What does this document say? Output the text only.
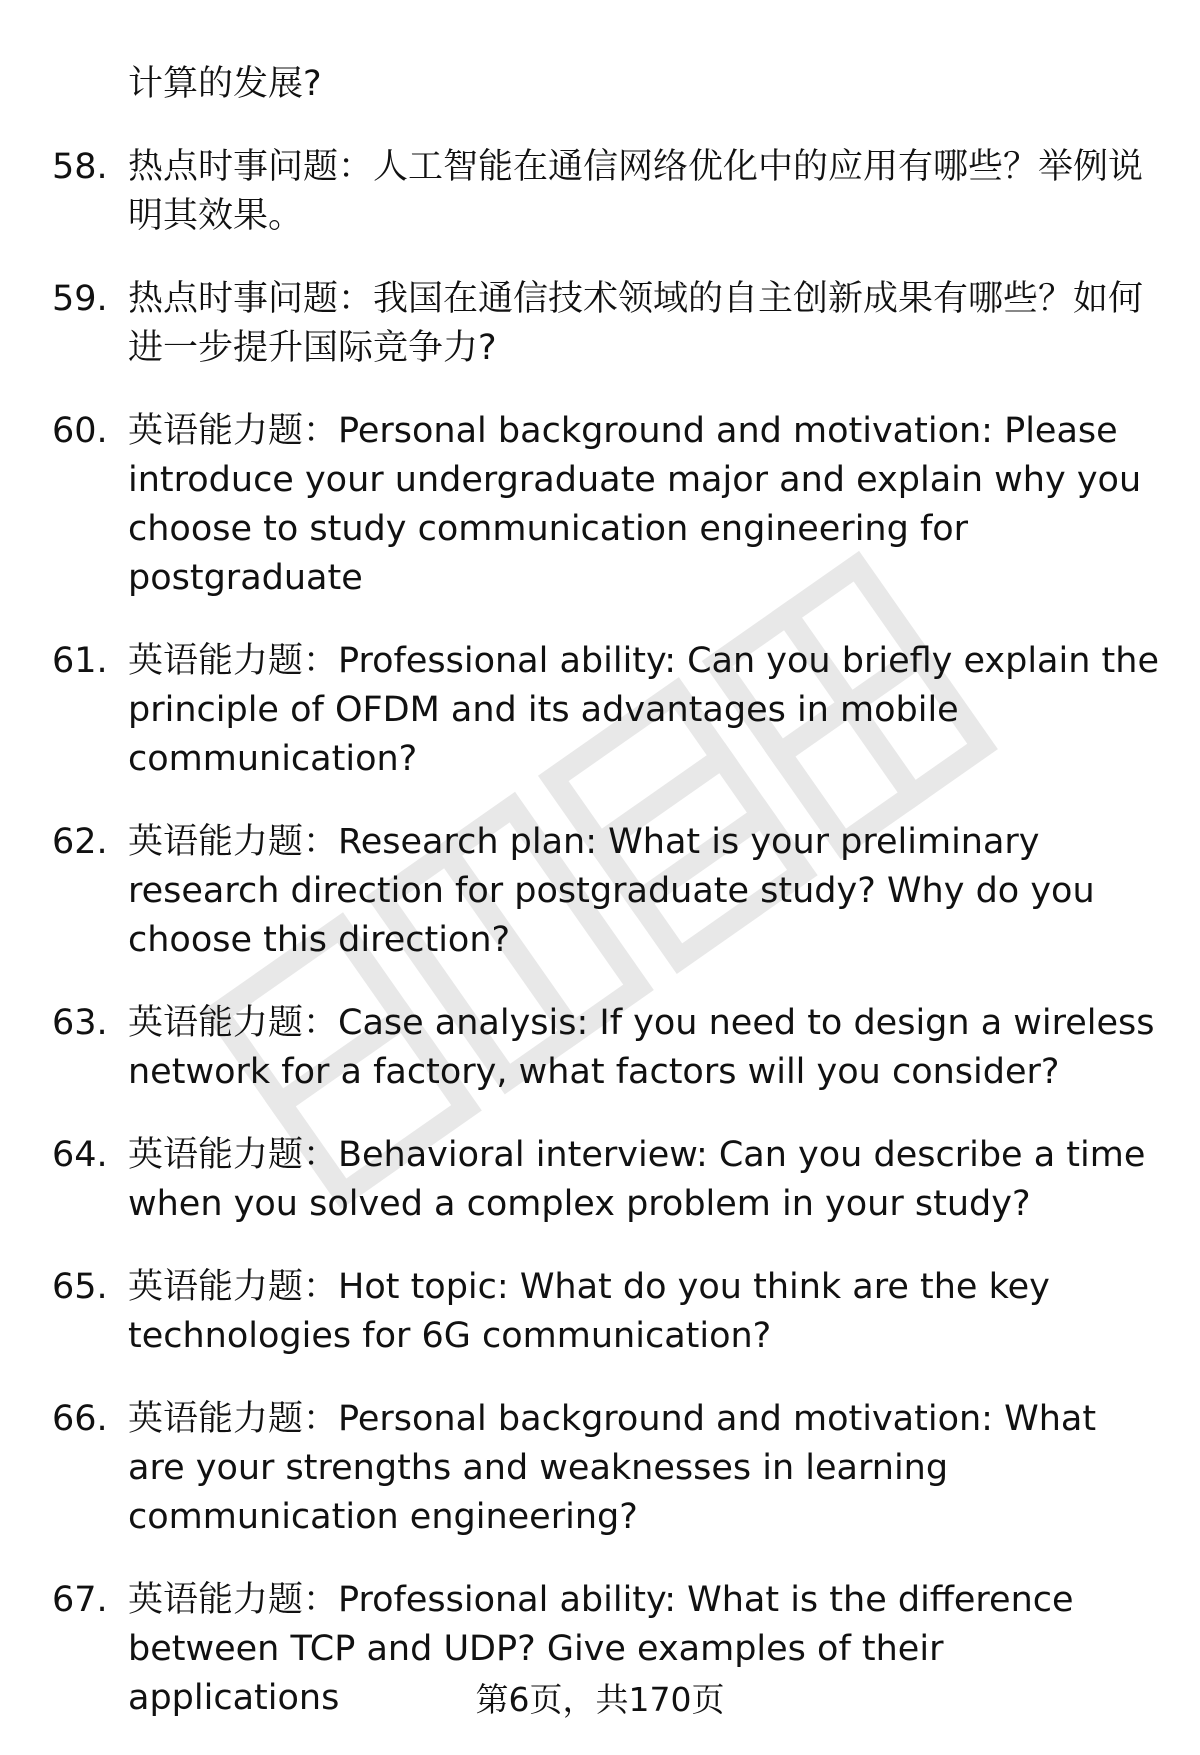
计算的发展?
58. 热点时事问题：人工智能在通信网络优化中的应用有哪些？举例说明其效果。
59. 热点时事问题：我国在通信技术领域的自主创新成果有哪些？如何进一步提升国际竞争力?
60. 英语能力题：Personal background and motivation: Please introduce your undergraduate major and explain why you choose to study communication engineering for postgraduate
61. 英语能力题：Professional ability: Can you briefly explain the principle of OFDM and its advantages in mobile communication?
62. 英语能力题：Research plan: What is your preliminary research direction for postgraduate study? Why do you choose this direction?
63. 英语能力题：Case analysis: If you need to design a wireless network for a factory, what factors will you consider?
64. 英语能力题：Behavioral interview: Can you describe a time when you solved a complex problem in your study?
65. 英语能力题：Hot topic: What do you think are the key technologies for 6G communication?
66. 英语能力题：Personal background and motivation: What are your strengths and weaknesses in learning communication engineering?
67. 英语能力题：Professional ability: What is the difference between TCP and UDP? Give examples of their applications	第6页，共170页
